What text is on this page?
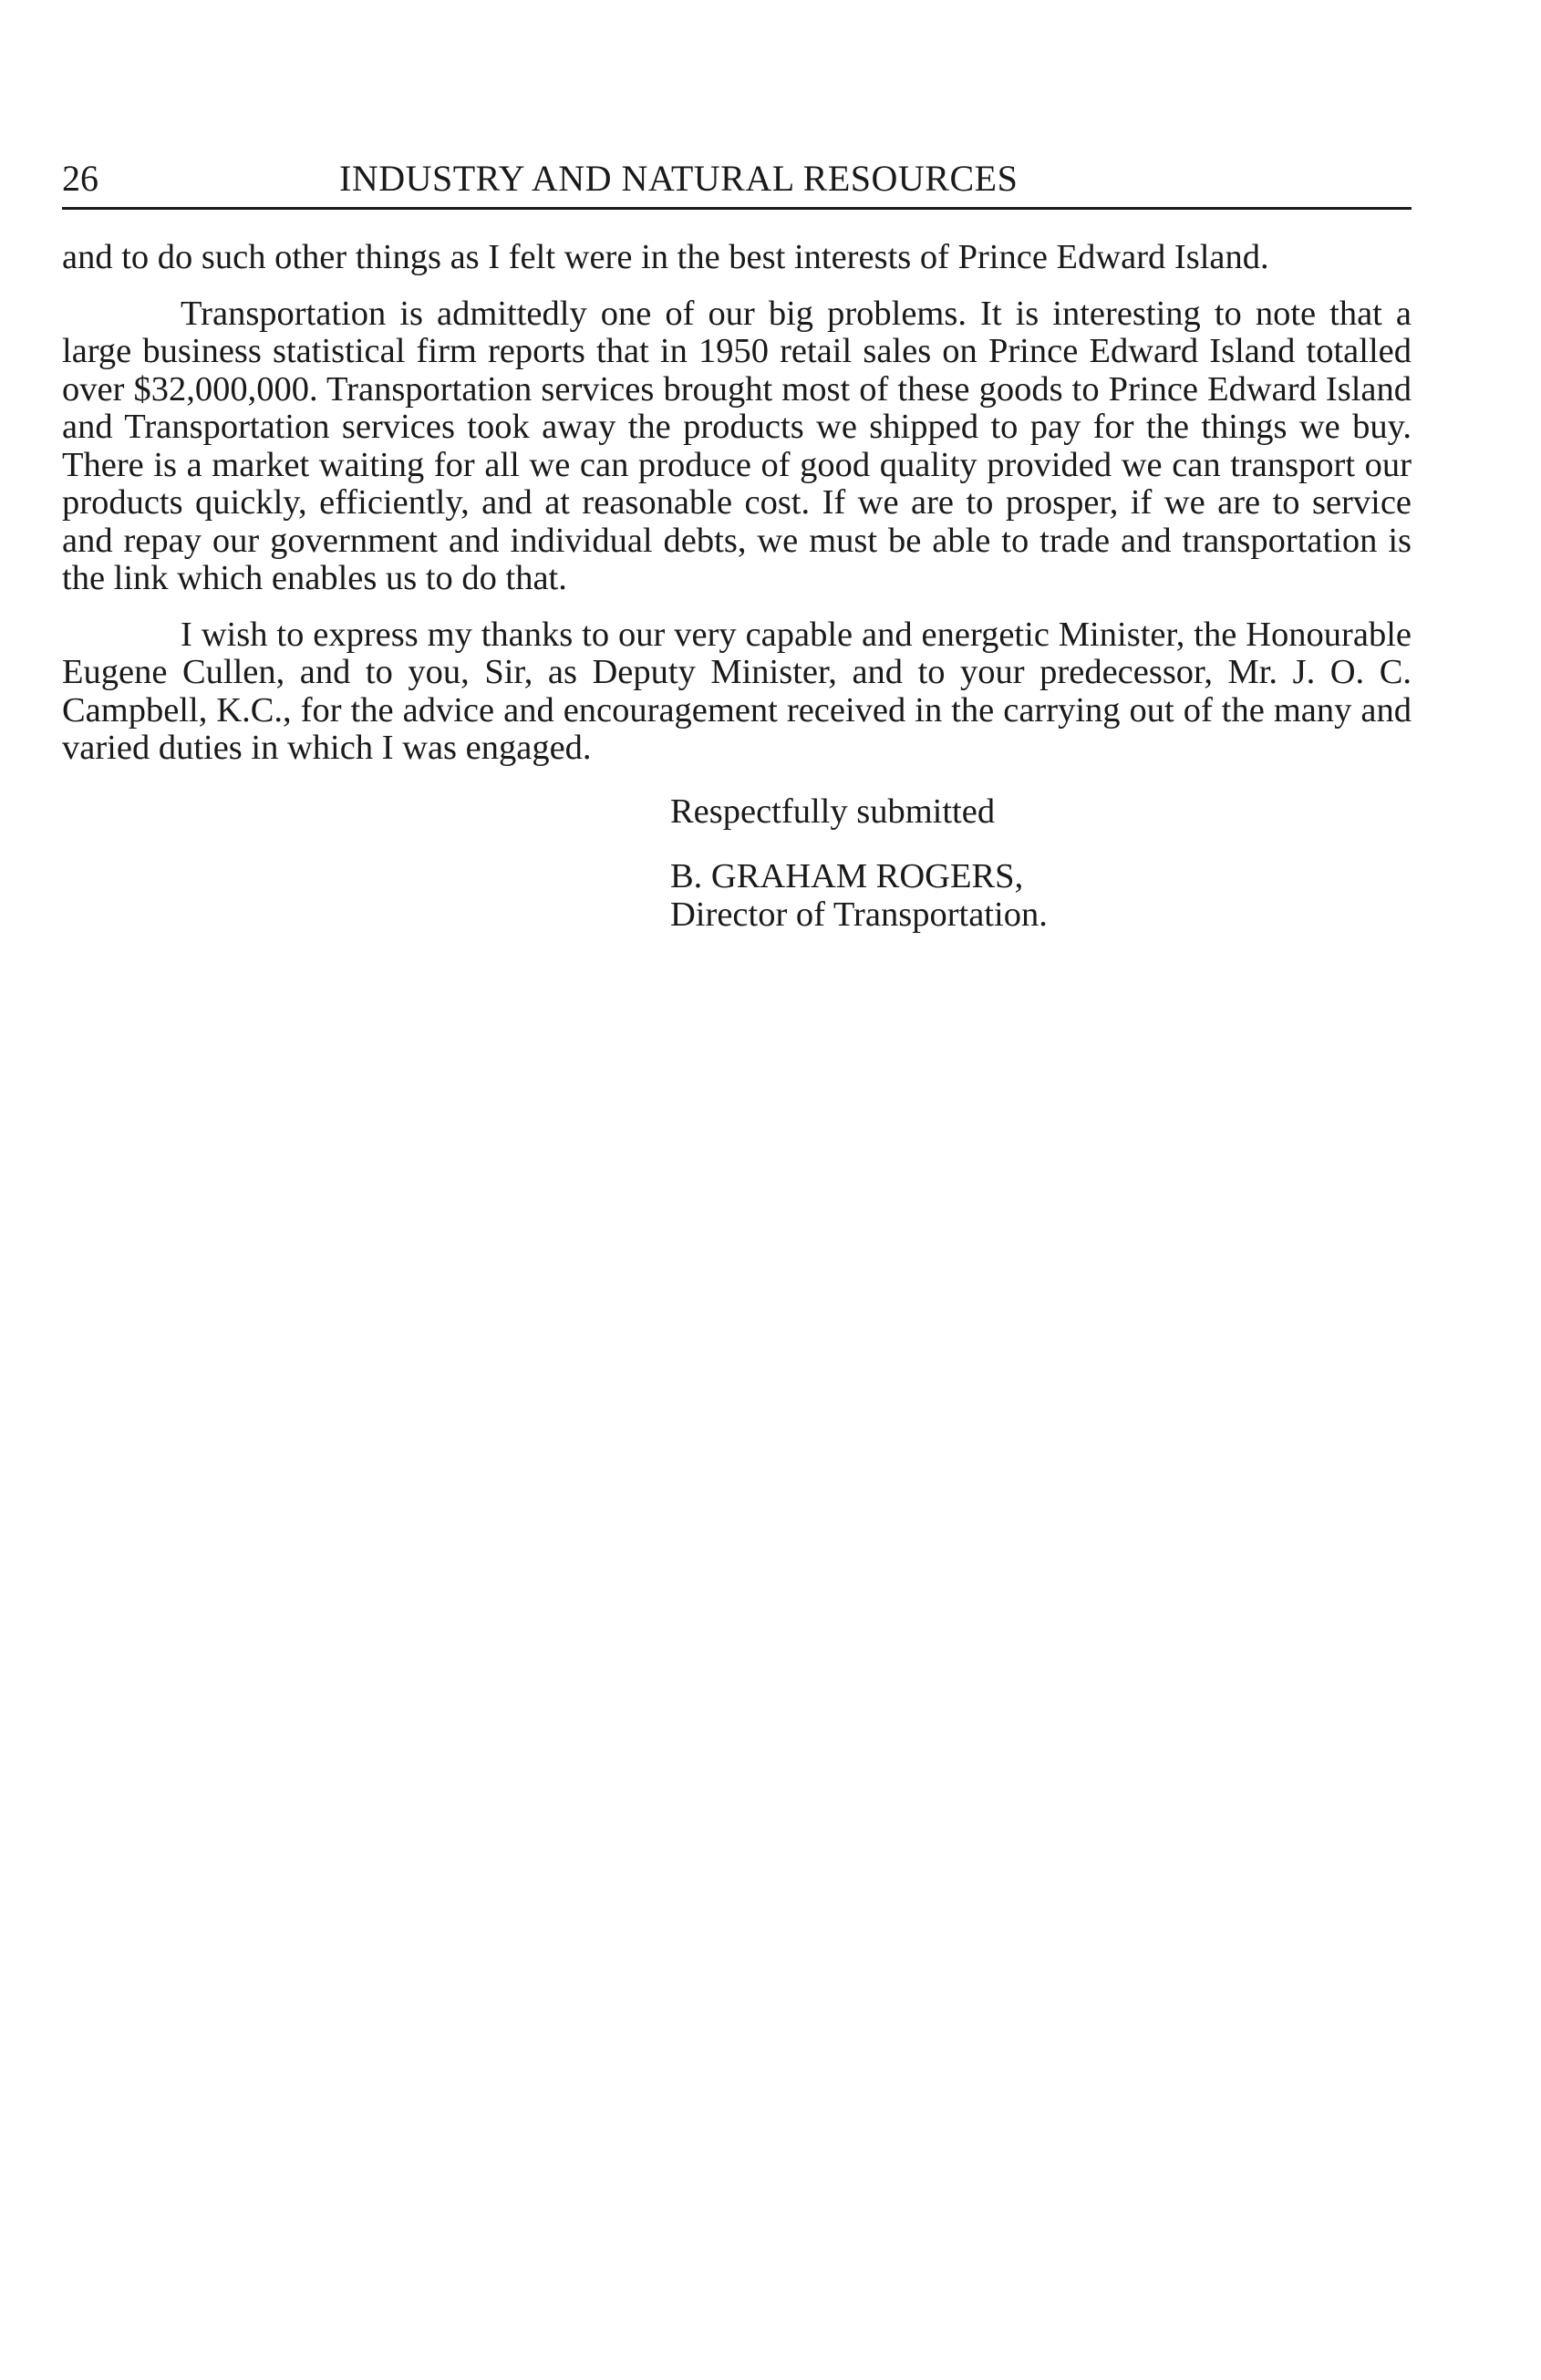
26	INDUSTRY AND NATURAL RESOURCES

and to do such other things as I felt were in the best interests of Prince Edward Island.

Transportation is admittedly one of our big problems. It is interesting to note that a large business statistical firm reports that in 1950 retail sales on Prince Edward Island totalled over $32,000,000. Transportation services brought most of these goods to Prince Edward Island and Transportation services took away the products we shipped to pay for the things we buy. There is a market waiting for all we can produce of good quality provided we can transport our products quickly, efficiently, and at reasonable cost. If we are to prosper, if we are to service and repay our government and individual debts, we must be able to trade and transportation is the link which enables us to do that.

I wish to express my thanks to our very capable and energetic Minister, the Honourable Eugene Cullen, and to you, Sir, as Deputy Minister, and to your predecessor, Mr. J. O. C. Campbell, K.C., for the advice and encouragement received in the carrying out of the many and varied duties in which I was engaged.

Respectfully submitted
B. GRAHAM ROGERS,
Director of Transportation.
